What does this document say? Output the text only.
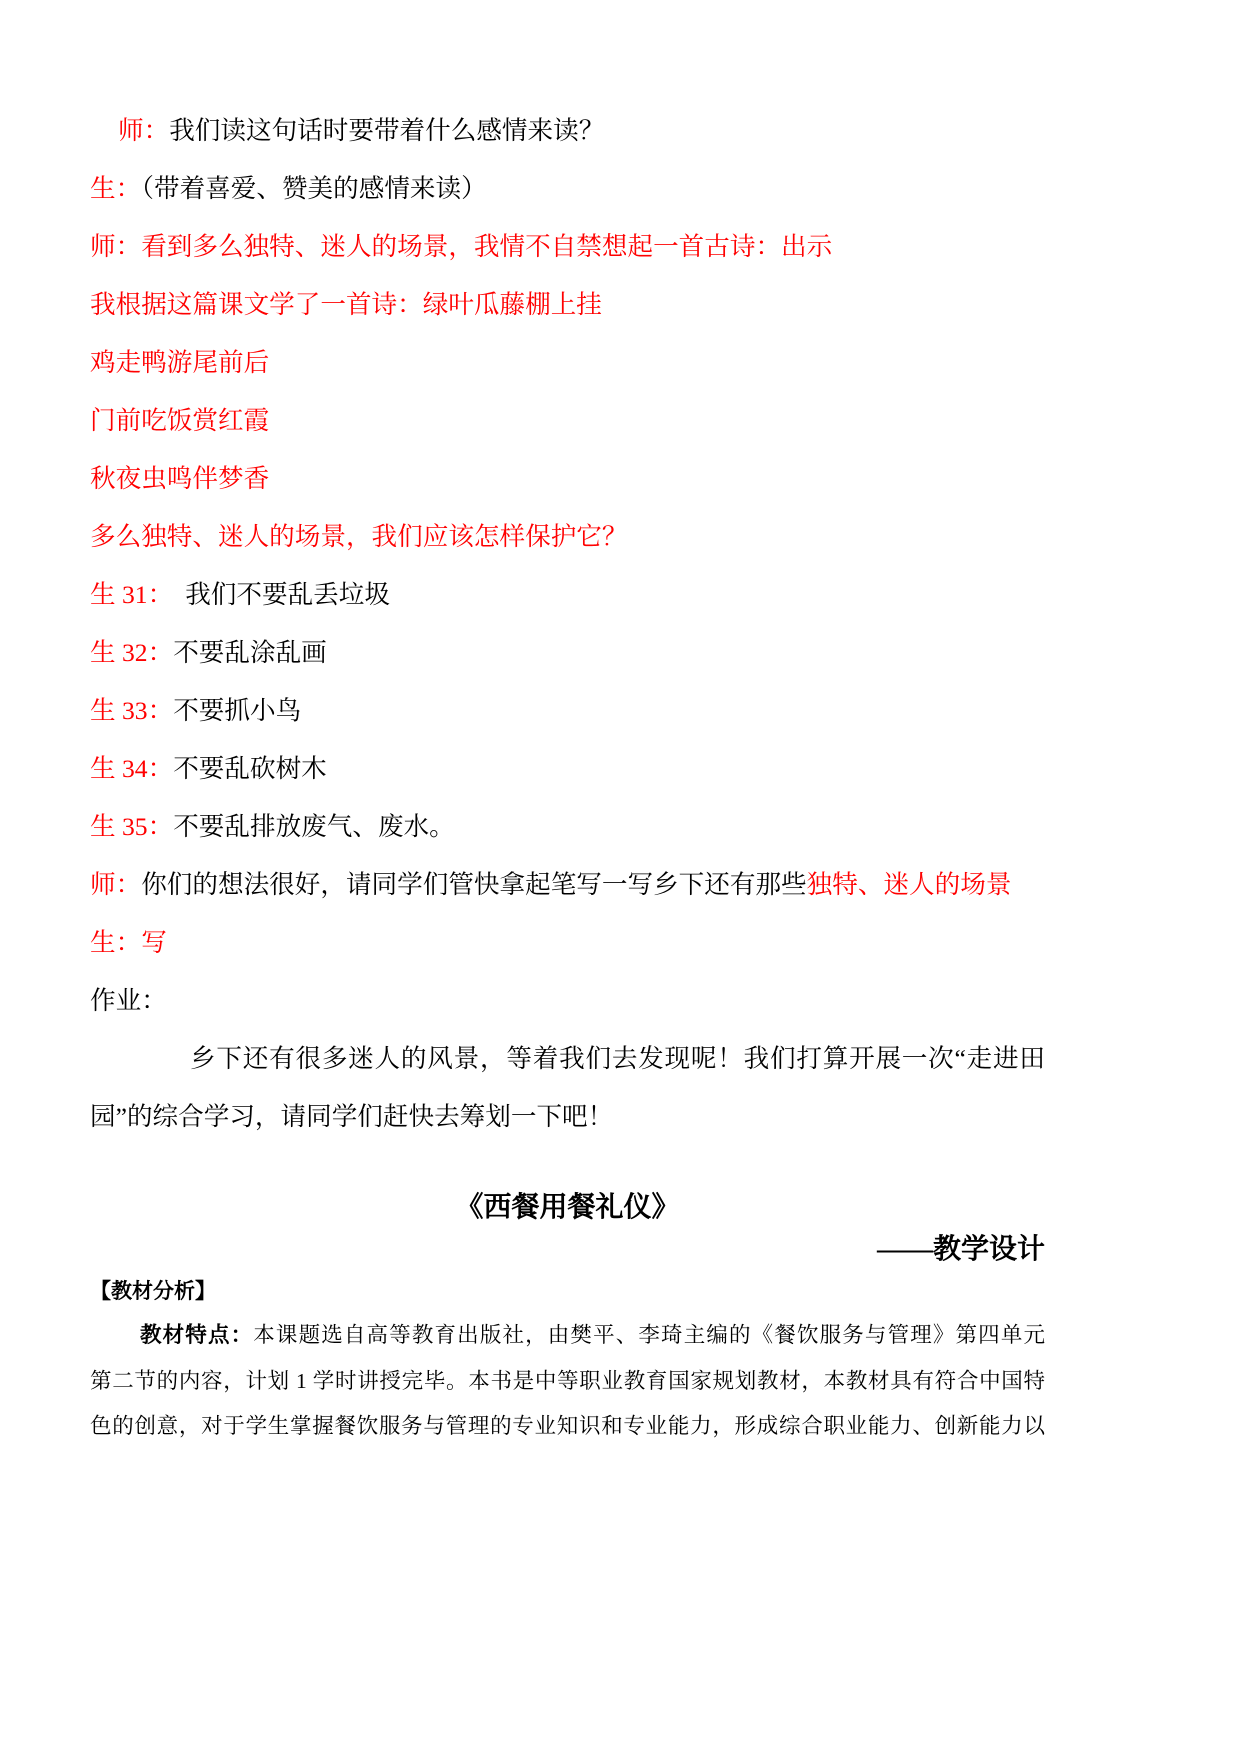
师：我们读这句话时要带着什么感情来读？
生：（带着喜爱、赞美的感情来读）
师：看到多么独特、迷人的场景，我情不自禁想起一首古诗：出示
我根据这篇课文学了一首诗：绿叶瓜藤棚上挂
鸡走鸭游尾前后
门前吃饭赏红霞
秋夜虫鸣伴梦香
多么独特、迷人的场景，我们应该怎样保护它？
生 31： 我们不要乱丢垃圾
生 32：不要乱涂乱画
生 33：不要抓小鸟
生 34：不要乱砍树木
生 35：不要乱排放废气、废水。
师：你们的想法很好，请同学们管快拿起笔写一写乡下还有那些独特、迷人的场景
生：写
作业：
乡下还有很多迷人的风景，等着我们去发现呢！我们打算开展一次“走进田
园”的综合学习，请同学们赶快去筹划一下吧！
《西餐用餐礼仪》
——教学设计
【教材分析】
教材特点：本课题选自高等教育出版社，由樊平、李琦主编的《餐饮服务与管理》第四单元
第二节的内容，计划 1 学时讲授完毕。本书是中等职业教育国家规划教材，本教材具有符合中国特
色的创意，对于学生掌握餐饮服务与管理的专业知识和专业能力，形成综合职业能力、创新能力以
